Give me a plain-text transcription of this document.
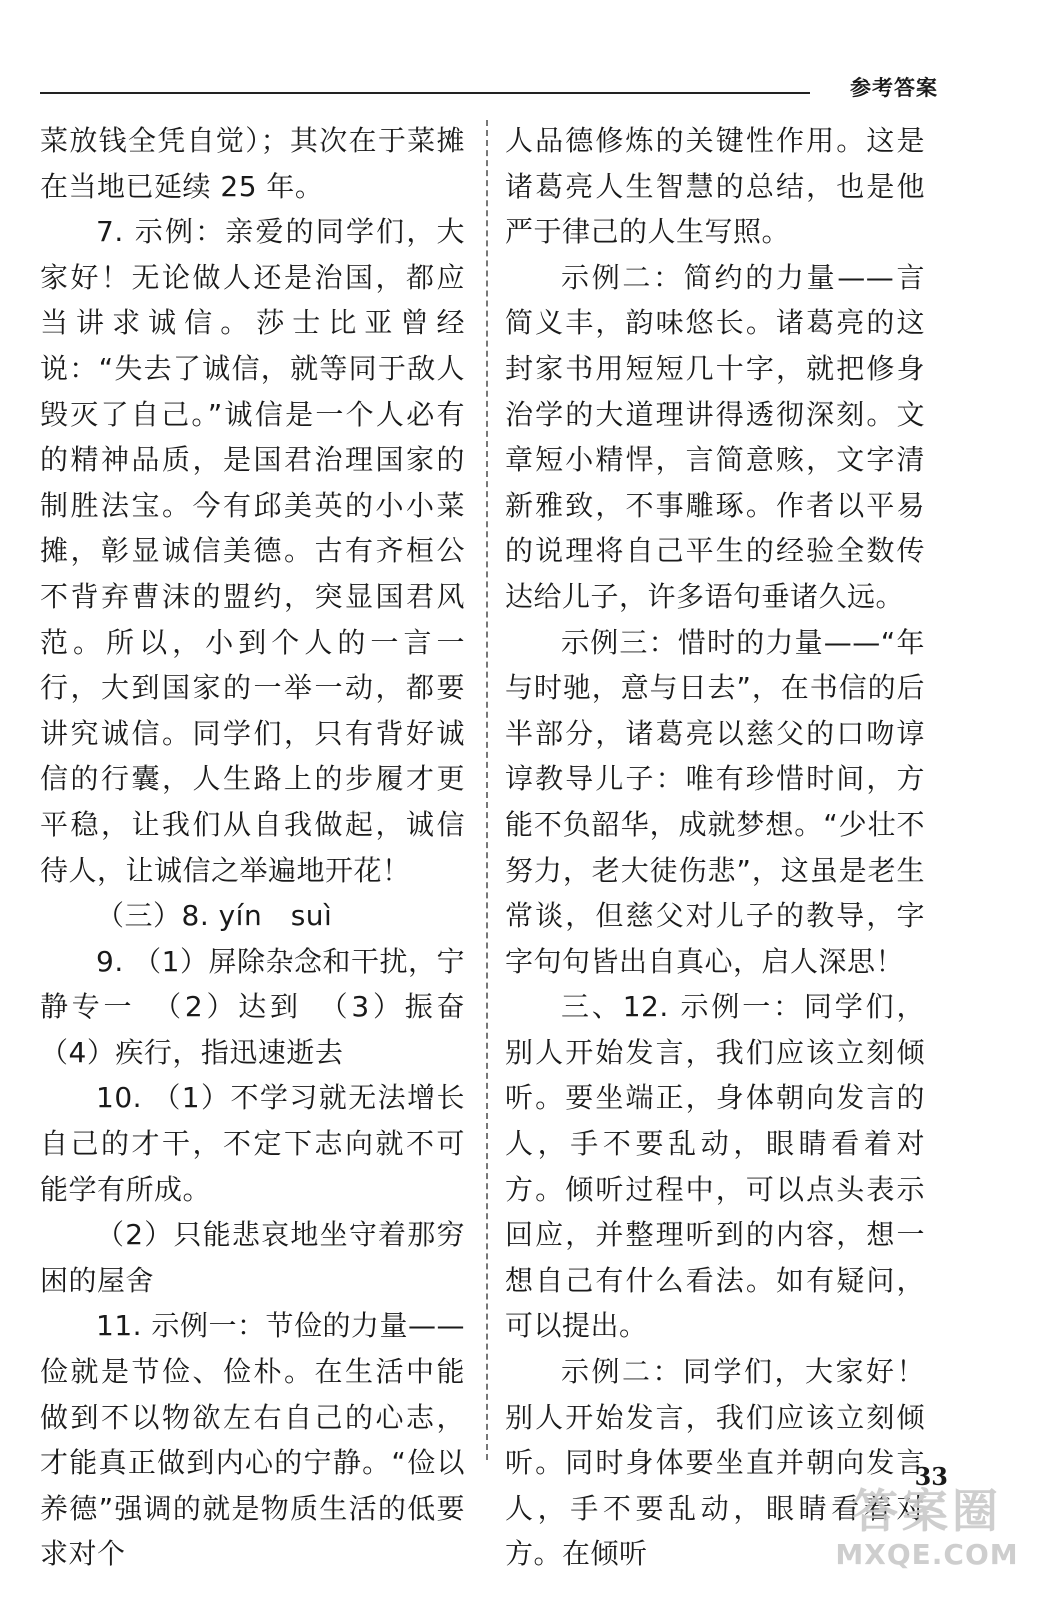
参考答案

菜放钱全凭自觉）；其次在于菜摊在当地已延续 25 年。

7. 示例：亲爱的同学们，大家好！无论做人还是治国，都应当讲求诚信。莎士比亚曾经说：“失去了诚信，就等同于敌人毁灭了自己。”诚信是一个人必有的精神品质，是国君治理国家的制胜法宝。今有邱美英的小小菜摊，彰显诚信美德。古有齐桓公不背弃曹沫的盟约，突显国君风范。所以，小到个人的一言一行，大到国家的一举一动，都要讲究诚信。同学们，只有背好诚信的行囊，人生路上的步履才更平稳，让我们从自我做起，诚信待人，让诚信之举遍地开花！

（三）8. yín　suì

9. （1）屏除杂念和干扰，宁静专一　（2）达到　（3）振奋（4）疾行，指迅速逝去

10. （1）不学习就无法增长自己的才干，不定下志向就不可能学有所成。

（2）只能悲哀地坐守着那穷困的屋舍

11. 示例一：节俭的力量——俭就是节俭、俭朴。在生活中能做到不以物欲左右自己的心志，才能真正做到内心的宁静。“俭以养德”强调的就是物质生活的低要求对个

人品德修炼的关键性作用。这是诸葛亮人生智慧的总结，也是他严于律己的人生写照。

示例二：简约的力量——言简义丰，韵味悠长。诸葛亮的这封家书用短短几十字，就把修身治学的大道理讲得透彻深刻。文章短小精悍，言简意赅，文字清新雅致，不事雕琢。作者以平易的说理将自己平生的经验全数传达给儿子，许多语句垂诸久远。

示例三：惜时的力量——“年与时驰，意与日去”，在书信的后半部分，诸葛亮以慈父的口吻谆谆教导儿子：唯有珍惜时间，方能不负韶华，成就梦想。“少壮不努力，老大徒伤悲”，这虽是老生常谈，但慈父对儿子的教导，字字句句皆出自真心，启人深思！

三、12. 示例一：同学们，别人开始发言，我们应该立刻倾听。要坐端正，身体朝向发言的人，手不要乱动，眼睛看着对方。倾听过程中，可以点头表示回应，并整理听到的内容，想一想自己有什么看法。如有疑问，可以提出。

示例二：同学们，大家好！别人开始发言，我们应该立刻倾听。同时身体要坐直并朝向发言人，手不要乱动，眼睛看着对方。在倾听

33
答案圈
MXQE.COM
